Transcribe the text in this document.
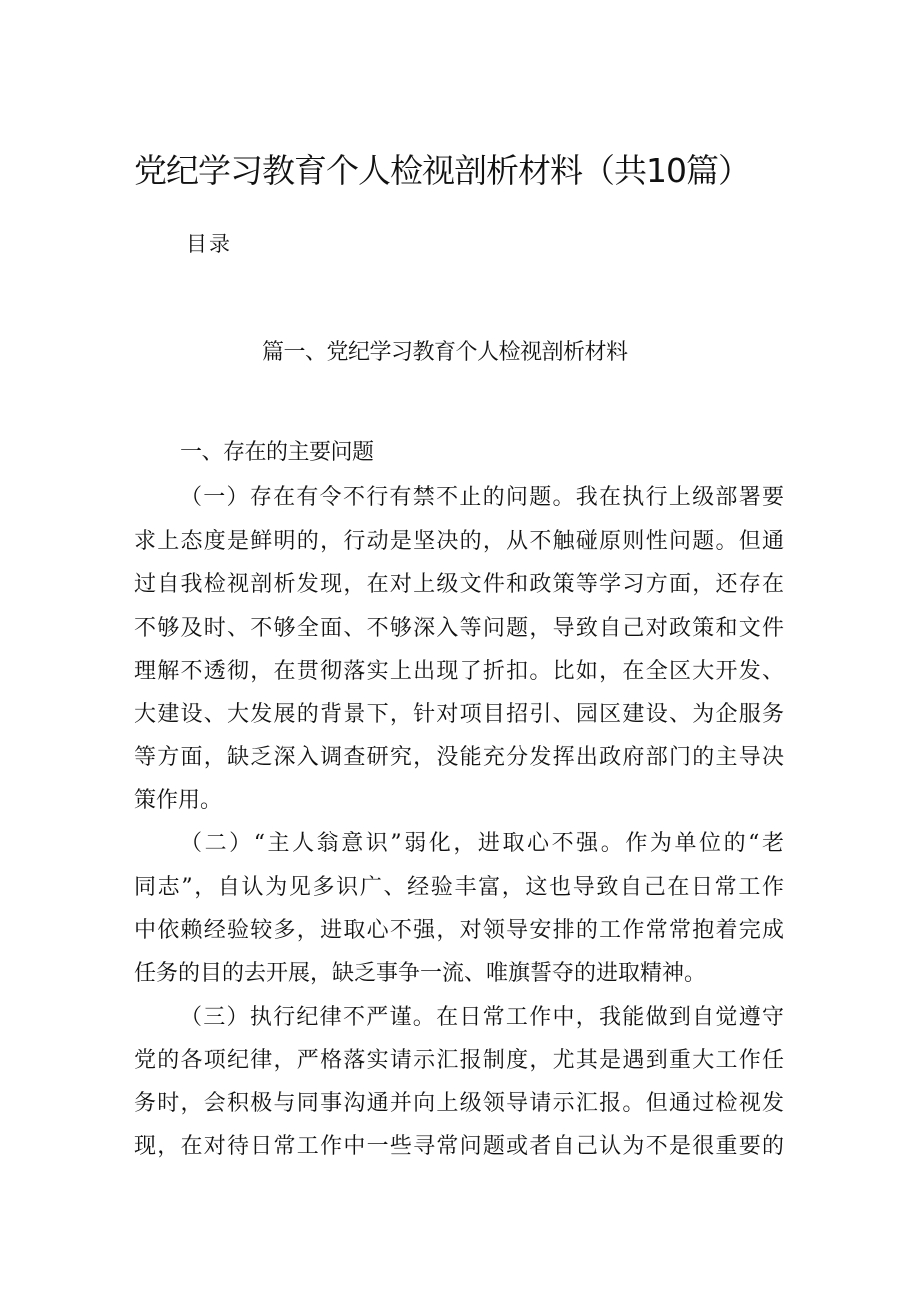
党纪学习教育个人检视剖析材料（共10篇）
目录
篇一、党纪学习教育个人检视剖析材料
一、存在的主要问题
（一）存在有令不行有禁不止的问题。我在执行上级部署要
求上态度是鲜明的，行动是坚决的，从不触碰原则性问题。但通
过自我检视剖析发现，在对上级文件和政策等学习方面，还存在
不够及时、不够全面、不够深入等问题，导致自己对政策和文件
理解不透彻，在贯彻落实上出现了折扣。比如，在全区大开发、
大建设、大发展的背景下，针对项目招引、园区建设、为企服务
等方面，缺乏深入调查研究，没能充分发挥出政府部门的主导决
策作用。
（二）“主人翁意识”弱化，进取心不强。作为单位的“老
同志”，自认为见多识广、经验丰富，这也导致自己在日常工作
中依赖经验较多，进取心不强，对领导安排的工作常常抱着完成
任务的目的去开展，缺乏事争一流、唯旗誓夺的进取精神。
（三）执行纪律不严谨。在日常工作中，我能做到自觉遵守
党的各项纪律，严格落实请示汇报制度，尤其是遇到重大工作任
务时，会积极与同事沟通并向上级领导请示汇报。但通过检视发
现，在对待日常工作中一些寻常问题或者自己认为不是很重要的
